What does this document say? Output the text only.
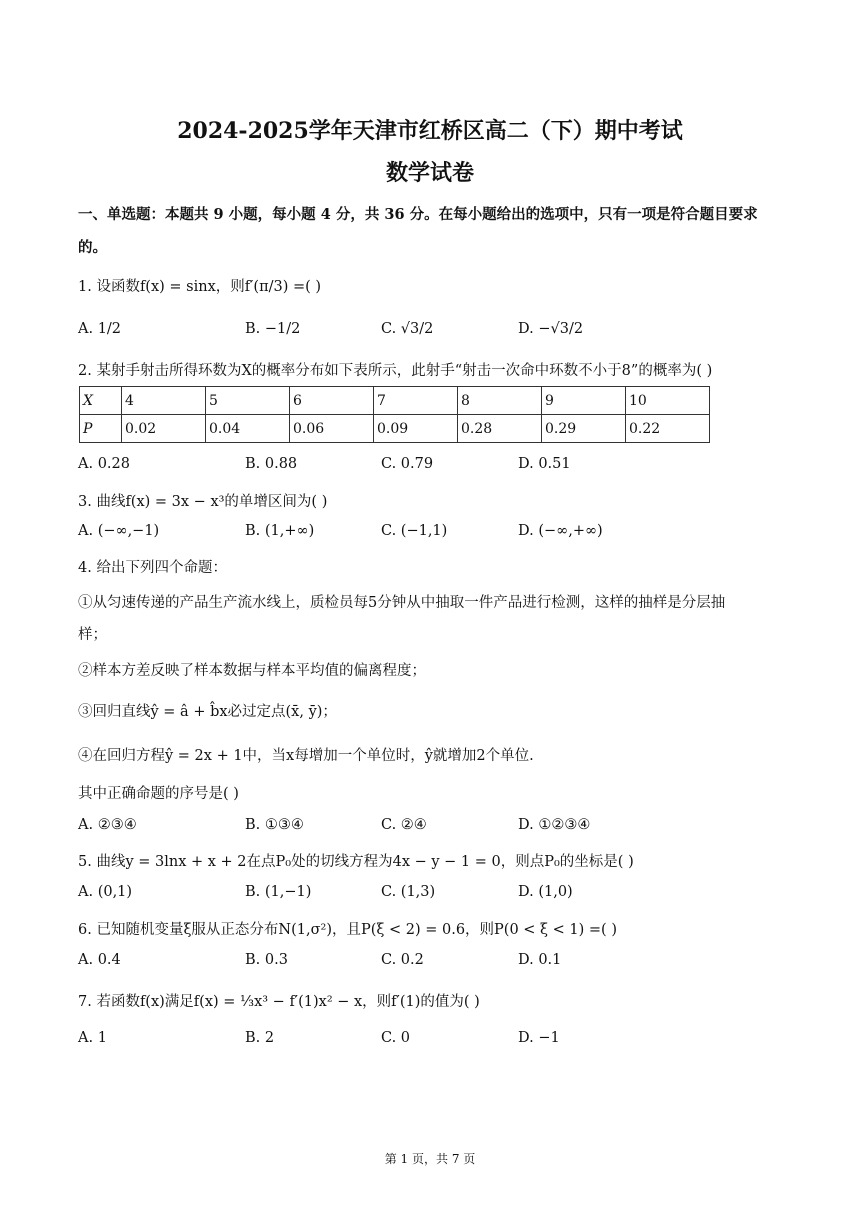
2024-2025学年天津市红桥区高二（下）期中考试
数学试卷
一、单选题：本题共 9 小题，每小题 4 分，共 36 分。在每小题给出的选项中，只有一项是符合题目要求
的。
1. 设函数f(x) = sinx，则f′(π/3) =( )
A. 1/2	B. −1/2	C. √3/2	D. −√3/2
2. 某射手射击所得环数为X的概率分布如下表所示，此射手“射击一次命中环数不小于8”的概率为( )
X	4	5	6	7	8	9	10
P	0.02	0.04	0.06	0.09	0.28	0.29	0.22
A. 0.28	B. 0.88	C. 0.79	D. 0.51
3. 曲线f(x) = 3x − x³的单增区间为( )
A. (−∞,−1)	B. (1,+∞)	C. (−1,1)	D. (−∞,+∞)
4. 给出下列四个命题：
①从匀速传递的产品生产流水线上，质检员每5分钟从中抽取一件产品进行检测，这样的抽样是分层抽
样；
②样本方差反映了样本数据与样本平均值的偏离程度；
③回归直线ŷ = â + b̂x必过定点(x̄, ȳ)；
④在回归方程ŷ = 2x + 1中，当x每增加一个单位时，ŷ就增加2个单位.
其中正确命题的序号是( )
A. ②③④	B. ①③④	C. ②④	D. ①②③④
5. 曲线y = 3lnx + x + 2在点P₀处的切线方程为4x − y − 1 = 0，则点P₀的坐标是( )
A. (0,1)	B. (1,−1)	C. (1,3)	D. (1,0)
6. 已知随机变量ξ服从正态分布N(1,σ²)，且P(ξ < 2) = 0.6，则P(0 < ξ < 1) =( )
A. 0.4	B. 0.3	C. 0.2	D. 0.1
7. 若函数f(x)满足f(x) = ⅓x³ − f′(1)x² − x，则f′(1)的值为( )
A. 1	B. 2	C. 0	D. −1
第 1 页，共 7 页
